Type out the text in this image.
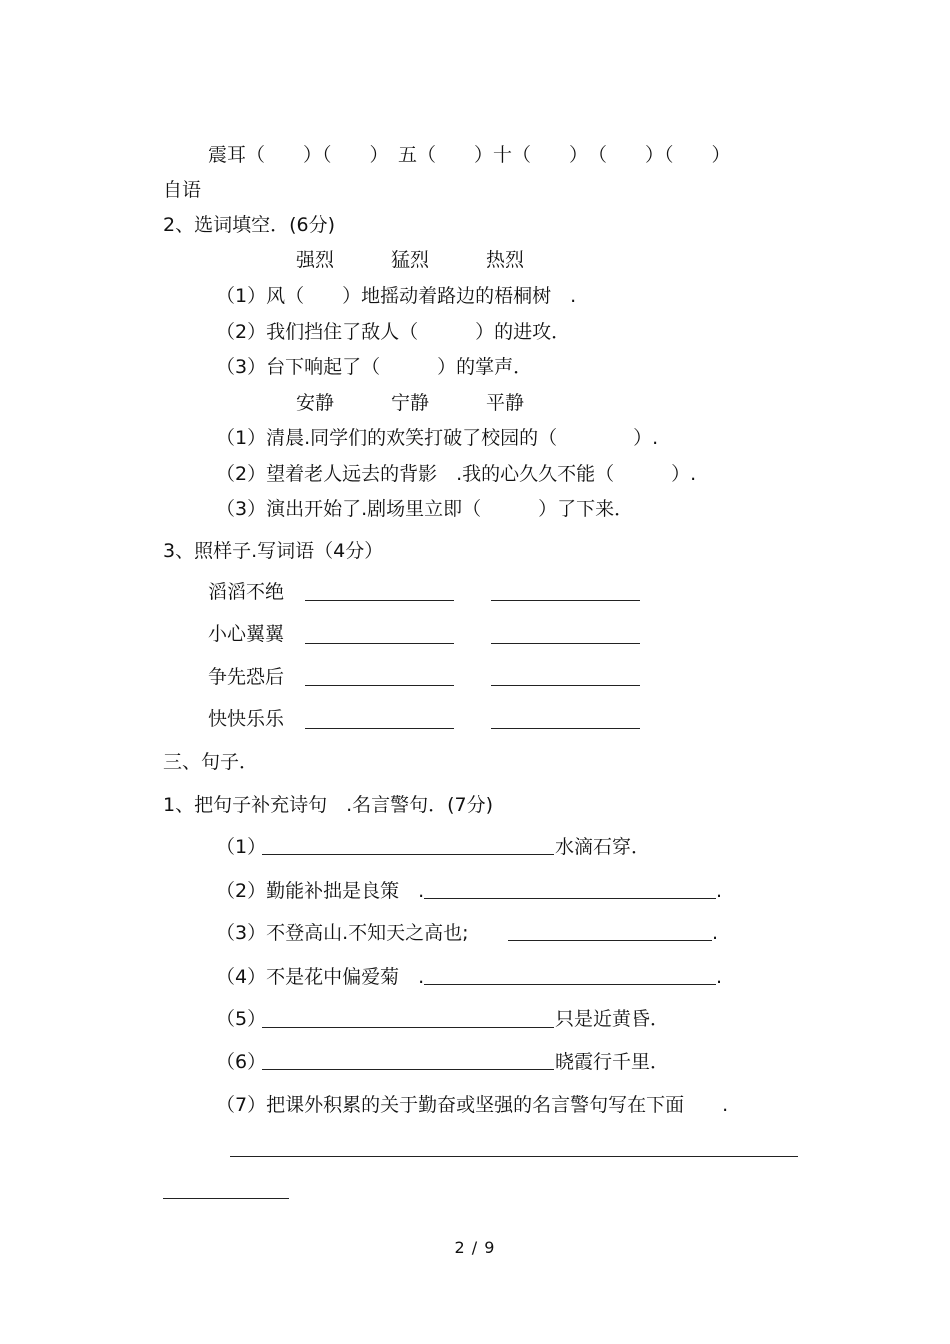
震耳（　　）（　　）　五（　　）十（　　）　（　　）（　　）
自语
2、选词填空．(6分)
强烈　　　猛烈　　　热烈
（1）风（　　）地摇动着路边的梧桐树　.
（2）我们挡住了敌人（　　　）的进攻．
（3）台下响起了（　　　）的掌声．
安静　　　宁静　　　平静
（1）清晨.同学们的欢笑打破了校园的（　　　　）.
（2）望着老人远去的背影　.我的心久久不能（　　　）.
（3）演出开始了.剧场里立即（　　　）了下来．
3、照样子.写词语（4分）
滔滔不绝
小心翼翼
争先恐后
快快乐乐
三、句子．
1、把句子补充诗句　.名言警句．(7分)
（1）	水滴石穿．
（2）勤能补拙是良策　.	.
（3）不登高山.不知天之高也;	.
（4）不是花中偏爱菊　.	.
（5）	只是近黄昏．
（6）	晓霞行千里．
（7）把课外积累的关于勤奋或坚强的名言警句写在下面　　.
2 / 9
